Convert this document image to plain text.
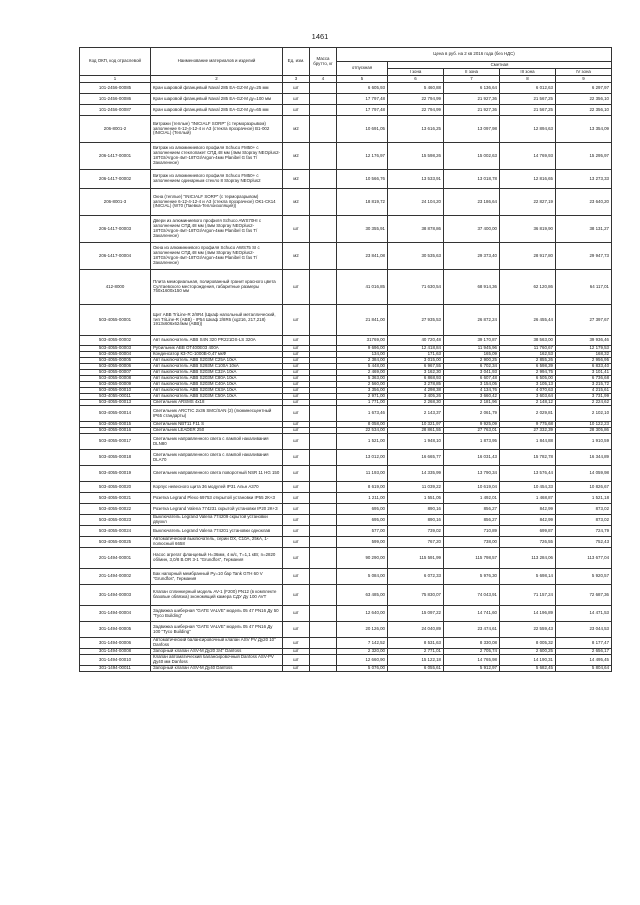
1461
Код ОКП, код отраслевой	Наименование материалов и изделий	Ед. изм.	Масса брутто, кг	Цена в руб. на 2 кв 2016 года (без НДС)				
				отпускная	Сметная			
					I зона	II зона	III зона	IV зона
1	2	3	4	5	6	7	8	9
101-2456-00085	Кран шаровой фланцевый Naval 285 EA-GZ-M ду=25 мм	шт		6 605,93	5 460,88	6 136,64	6 012,63	6 297,97
101-2456-00086	Кран шаровой фланцевый Naval 285 EA-GZ-M ду=100 мм	шт		17 797,48	22 794,99	21 927,36	21 567,25	22 356,10
101-2456-00087	Кран шаровой фланцевый Naval 285 EA-GZ-M ду=65 мм	шт		17 797,48	22 794,99	21 927,36	21 567,25	22 356,10
206-8001-2	Витражи (теплые) "INICIALF SORP" (с терморазрывом) заполнение 6-12-4-12-4 и А3 (стекла прозрачное) В1-002 (INICIAL) (Теплый)	м2		10 691,05	13 616,25	13 097,98	12 894,63	13 354,09
206-1417-00001	Витраж из алюминиевого профиля Schuco FM50+ с заполнением стеклопакет СПД 48 мм (4мм Stopray NEOplus2-18TGI/Argon-4мт-18TGI/Argon-4мм Planibel G fas T/Закаленное)	м2		12 176,97	15 598,26	15 002,63	14 769,93	15 295,97
206-1417-00002	Витраж из алюминиевого профиля Schuco FM50+ с заполнением одинарным стекло 8 Stopray NEOplus2	м2		10 566,76	13 533,91	13 018,78	12 816,65	13 273,33
206-8001-3	Окна (теплые) "INICIALF SORP" (с терморазрывом) заполнение 6-12-4-12-4 и А3 (стекла прозрачное) ОК1-СК14 (INICIAL) (W70 (Паевка-Теплоизоляция))	м2		18 819,72	24 104,20	23 186,64	22 827,19	23 640,20
206-1417-00003	Двери из алюминиевого профиля Schuco AWS70HI с заполнением СПД 48 мм (4мм Stopray NEOplus2-18TGI/Argon-4мт-18TGI/Argon-4мм Planibel G fas T/Закаленное)	шт		30 355,91	38 878,86	37 400,00	36 819,90	38 131,27
206-1417-00004	Окна из алюминиевого профиля Schuco AWS75 SI с заполнением СПД 48 мм (4мм Stopray NEOplus2-18TGI/Argon-4мт-18TGI/Argon-4мм Planibel G fas T/Закаленное)	м2		23 841,08	30 535,63	29 373,40	28 917,80	29 947,73
412-8000	Плита мемориальная, полированный гранит красного цвета Султаевского месторождения, габаритные размеры 750х1600х150 мм	шт		41 016,85	71 630,54	68 914,36	62 120,86	64 117,01
503-4055-00001	Щит ABB TriLine-R 2/8R4 (Щкаф напольный металлический, тип TriLine-R (ABB) - IP54 Шкаф 2/8R6 (xg216, 217,218) 1913x606x624мм (ABB))	шт		21 841,00	27 935,53	26 872,24	26 455,44	27 397,67
503-4055-00002	Авт выключатель ABB S4N 320 PR221DS-LS 320A	шт		31769,00	40 720,48	39 170,87	38 563,00	39 936,46
503-4055-00003	Рубильник ABB OT400E03 400A	шт		9 696,00	12 418,84	11 945,96	11 760,67	12 179,53
503-4055-00004	Конденсатор К3-7С-1000В-0,47 мкФ	шт		134,00	171,63	165,09	162,53	168,32
503-4055-00005	Авт выключатель ABB S203M C25A 10кА	шт		2 384,00	3 015,00	2 900,25	2 855,26	2 956,95
503-4055-00006	Авт выключатель ABB S293M C100A 10кА	шт		5 448,00	6 967,55	6 702,34	6 598,39	6 833,40
503-4055-00007	Авт выключатель ABB S203M C32A 10кА	шт		2 469,00	3 162,30	3 041,93	2 994,75	3 101,41
503-4055-00008	Авт выключатель ABB S203M C80A 10кА	шт		5 363,00	6 868,93	6 607,48	6 505,00	6 736,68
503-4055-00009	Авт выключатель ABB S203M C40A 10кА	шт		2 560,00	3 278,85	3 154,05	3 105,13	3 215,72
503-4055-00010	Авт выключатель ABB S203M C63A 10кА	шт		3 356,00	4 298,38	4 134,76	4 070,63	4 215,61
503-4055-00011	Авт выключатель ABB S203M C50A 10кА	шт		2 971,00	3 405,26	3 660,42	3 603,64	3 731,99
503-4055-00013	Светильник ARSMS 4x18	шт		1 771,00	2 268,30	2 181,96	2 148,12	2 224,62
503-4055-00014	Светильник ARCTIC 2x36 SMC/SAN (2) (люминесцентный IP65 стандарты)	шт		1 673,46	2 143,37	2 061,79	2 029,81	2 102,10
503-4055-00015	Светильник NBT11 F11 S	шт		8 058,00	10 321,97	9 925,09	9 775,68	10 122,23
503-4055-00016	Светильник LEADER 250	шт		22 534,00	28 861,55	27 763,01	27 332,39	28 305,86
503-4055-00017	Светильник направленного света с лампой накаливания DLN80	шт		1 521,00	1 948,10	1 873,95	1 844,88	1 910,59
503-4055-00018	Светильник направленного света с лампой накаливания DLA70	шт		13 012,00	16 665,77	16 031,43	15 782,78	16 344,89
503-4055-00019	Светильник направленного света поворотный NSR 11 HG 150	шт		11 193,00	14 335,99	13 790,34	13 576,44	14 059,98
503-4055-00020	Корпус невесного щита 36 модулей IP31 Альн А370	шт		8 619,00	11 039,22	10 619,04	10 454,33	10 826,67
503-4055-00021	Розетка Legrand Plexo 69753 открытой установки IP55 2К+З	шт		1 211,00	1 551,05	1 492,01	1 468,87	1 521,18
503-4055-00022	Розетка Legrand Valena 774231 скрытой установки IP20 2К+З	шт		695,00	890,16	856,27	842,99	873,02
503-4055-00023	Выключатель Legrand Valena 774209 скрытой установки двухкл	шт		695,00	890,16	856,27	842,99	873,02
503-4055-00024	Выключатель Legrand Valena 774201 установки одноклав	шт		577,00	739,02	710,89	699,87	724,79
503-4055-00025	Автоматический выключатель, серии DX, C10A, 25kA, 1-полюсный 6658	шт		599,00	767,20	738,00	726,55	752,43
201-1494-00001	Насос агрегат фланцевый Н=36мм, 4 м/с, Т=1,1 кВт, n=2820 об/мин, 3,0/8 В.OR 3-1 "Grundfos", Германия	шт		90 290,00	115 591,99	115 798,57	113 284,06	113 677,04
201-1494-00002	Бак напорный мембранный Ру=10 бар Tank GTH 60 V "Grundfos", Германия	шт		5 084,00	6 072,33	5 976,30	5 698,14	5 920,57
301-1494-00003	Клапан сплинкерный модель AV-1 (F200) PN12 (в комплекте базовые обвязка) экономящий камера CДУ Ду 100 AVT	шт		63 485,00	75 830,07	74 043,91	71 157,24	72 687,36
301-1494-00004	Задвижка шиберная "GATE VALVE" модель 05 47 PN16 Ду 50 "Tyco Building"	шт		12 640,00	15 097,22	14 741,60	14 196,89	14 471,53
301-1494-00005	Задвижка шиберная "GATE VALVE" модель 05 47 PN16 Ду 100 "Tyco Building"	шт		20 126,00	24 040,89	23 474,61	22 559,43	23 044,53
301-1494-00006	Автоматический балансировочный клапан ASV PV Ду20 10" Danfoss	шт		7 142,52	8 531,63	8 330,08	8 005,32	8 177,47
301-1494-00008	Запорный клапан ASV-M Ду20 3/4" Danfoss	шт		2 320,00	2 771,01	2 705,74	2 600,25	2 656,17
301-1494-00010	Клапан автоматический балансировочный Danfoss ASV-PV Ду40 мм Danfoss	шт		12 660,90	15 122,18	14 765,98	14 190,31	14 495,45
301-1494-00011	Запорный клапан ASV-M Ду40 Danfoss	шт		5 076,00	6 055,61	5 912,97	5 682,45	5 804,64
